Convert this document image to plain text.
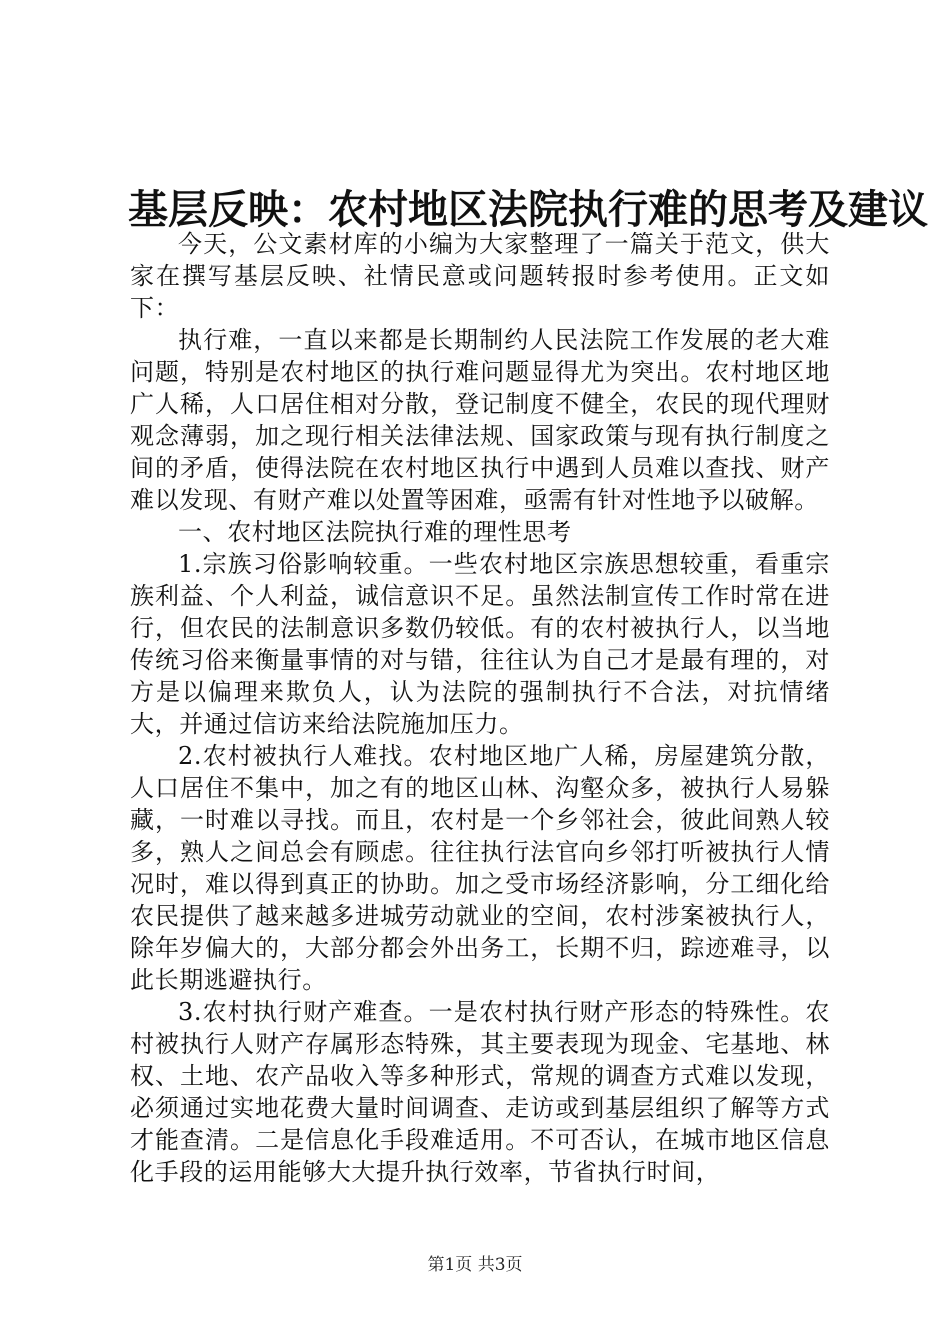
基层反映：农村地区法院执行难的思考及建议

今天，公文素材库的小编为大家整理了一篇关于范文，供大家在撰写基层反映、社情民意或问题转报时参考使用。正文如下：

执行难，一直以来都是长期制约人民法院工作发展的老大难问题，特别是农村地区的执行难问题显得尤为突出。农村地区地广人稀，人口居住相对分散，登记制度不健全，农民的现代理财观念薄弱，加之现行相关法律法规、国家政策与现有执行制度之间的矛盾，使得法院在农村地区执行中遇到人员难以查找、财产难以发现、有财产难以处置等困难，亟需有针对性地予以破解。

一、农村地区法院执行难的理性思考

1.宗族习俗影响较重。一些农村地区宗族思想较重，看重宗族利益、个人利益，诚信意识不足。虽然法制宣传工作时常在进行，但农民的法制意识多数仍较低。有的农村被执行人，以当地传统习俗来衡量事情的对与错，往往认为自己才是最有理的，对方是以偏理来欺负人，认为法院的强制执行不合法，对抗情绪大，并通过信访来给法院施加压力。

2.农村被执行人难找。农村地区地广人稀，房屋建筑分散，人口居住不集中，加之有的地区山林、沟壑众多，被执行人易躲藏，一时难以寻找。而且，农村是一个乡邻社会，彼此间熟人较多，熟人之间总会有顾虑。往往执行法官向乡邻打听被执行人情况时，难以得到真正的协助。加之受市场经济影响，分工细化给农民提供了越来越多进城劳动就业的空间，农村涉案被执行人，除年岁偏大的，大部分都会外出务工，长期不归，踪迹难寻，以此长期逃避执行。

3.农村执行财产难查。一是农村执行财产形态的特殊性。农村被执行人财产存属形态特殊，其主要表现为现金、宅基地、林权、土地、农产品收入等多种形式，常规的调查方式难以发现，必须通过实地花费大量时间调查、走访或到基层组织了解等方式才能查清。二是信息化手段难适用。不可否认，在城市地区信息化手段的运用能够大大提升执行效率，节省执行时间，

第1页 共3页
